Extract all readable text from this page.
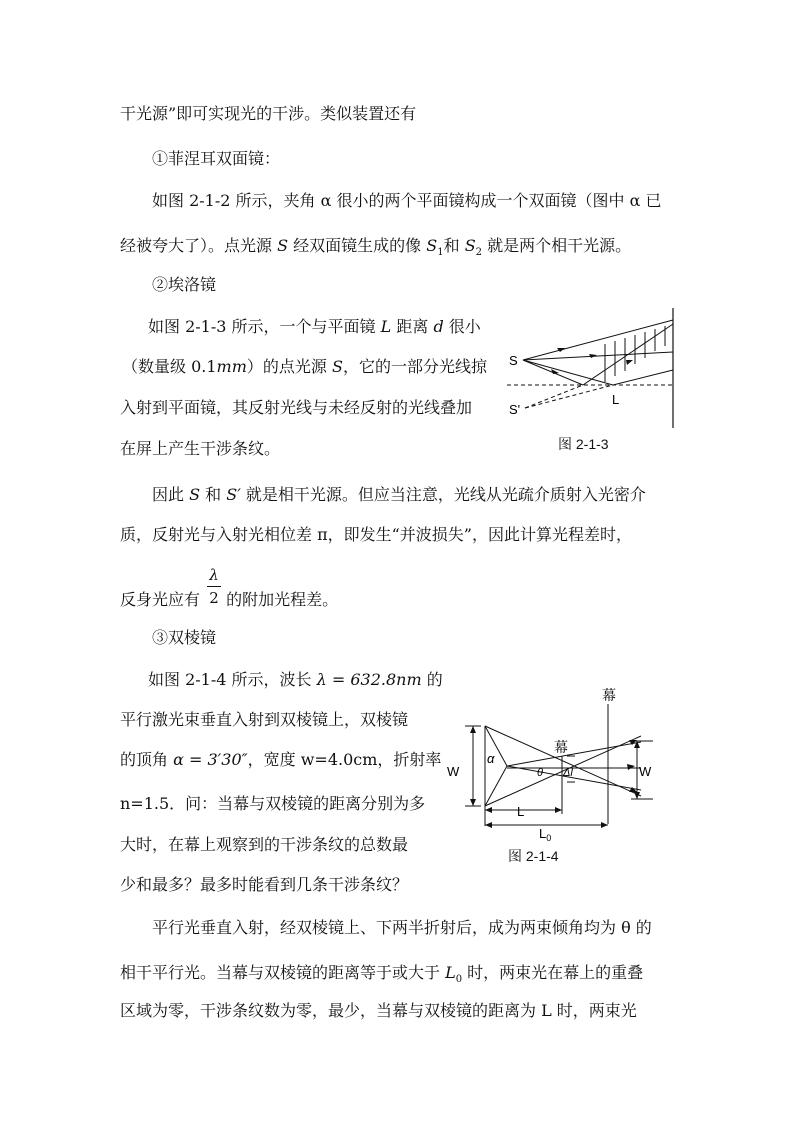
干光源”即可实现光的干涉。类似装置还有
①菲涅耳双面镜：
如图 2-1-2 所示，夹角 α 很小的两个平面镜构成一个双面镜（图中 α 已
经被夸大了）。点光源 S 经双面镜生成的像 $S_1$和 $S_2$ 就是两个相干光源。
②埃洛镜
如图 2-1-3 所示，一个与平面镜 L 距离 d 很小
（数量级 0.1mm）的点光源 S，它的一部分光线掠
入射到平面镜，其反射光线与未经反射的光线叠加
在屏上产生干涉条纹。
S
S'
L
图 2-1-3
因此 S 和 S′ 就是相干光源。但应当注意，光线从光疏介质射入光密介
质，反射光与入射光相位差 π，即发生“并波损失”，因此计算光程差时，
反身光应有  的附加光程差。
λ
2
③双棱镜
如图 2-1-4 所示，波长 λ = 632.8nm 的
平行激光束垂直入射到双棱镜上，双棱镜
的顶角 α = 3′30″，宽度 w=4.0cm，折射率
n=1.5．问：当幕与双棱镜的距离分别为多
大时，在幕上观察到的干涉条纹的总数最
少和最多？最多时能看到几条干涉条纹？
幕
幕
W
α
W
θ Δl
L
$L_0$
图 2-1-4
平行光垂直入射，经双棱镜上、下两半折射后，成为两束倾角均为 θ 的
相干平行光。当幕与双棱镜的距离等于或大于 $L_0$ 时，两束光在幕上的重叠
区域为零，干涉条纹数为零，最少，当幕与双棱镜的距离为 L 时，两束光
